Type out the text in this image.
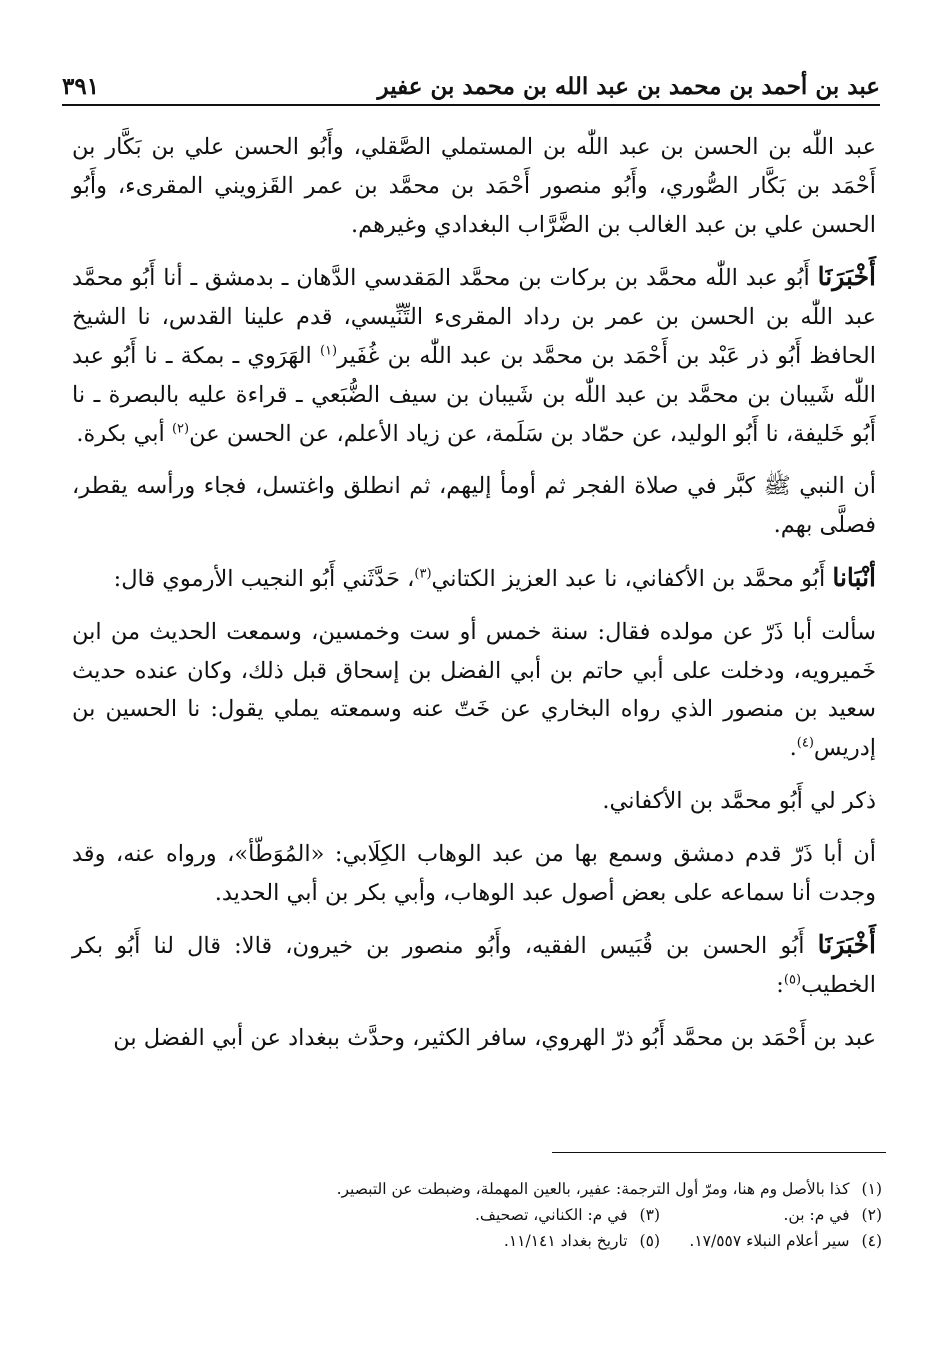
عبد بن أحمد بن محمد بن عبد الله بن محمد بن عفير
٣٩١

عبد اللّٰه بن الحسن بن عبد اللّٰه بن المستملي الصَّقلي، وأَبُو الحسن علي بن بَكَّار بن أَحْمَد بن بَكَّار الصُّوري، وأَبُو منصور أَحْمَد بن محمَّد بن عمر القَزويني المقرىء، وأَبُو الحسن علي بن عبد الغالب بن الضَّرَّاب البغدادي وغيرهم.

أَخْبَرَنَا أَبُو عبد اللّٰه محمَّد بن بركات بن محمَّد المَقدسي الدَّهان ـ بدمشق ـ أنا أَبُو محمَّد عبد اللّٰه بن الحسن بن عمر بن رداد المقرىء التِّنِّيسي، قدم علينا القدس، نا الشيخ الحافظ أَبُو ذر عَبْد بن أَحْمَد بن محمَّد بن عبد اللّٰه بن غُفَير$^{(١)}$ الهَرَوي ـ بمكة ـ نا أَبُو عبد اللّٰه شَيبان بن محمَّد بن عبد اللّٰه بن شَيبان بن سيف الضُّبَعي ـ قراءة عليه بالبصرة ـ نا أَبُو خَليفة، نا أَبُو الوليد، عن حمّاد بن سَلَمة، عن زياد الأعلم، عن الحسن عن$^{(٢)}$ أبي بكرة.

أن النبي ﷺ كبَّر في صلاة الفجر ثم أومأ إليهم، ثم انطلق واغتسل، فجاء ورأسه يقطر، فصلَّى بهم.

أنْبَانا أَبُو محمَّد بن الأكفاني، نا عبد العزيز الكتاني$^{(٣)}$، حَدَّثَني أَبُو النجيب الأرموي قال:

سألت أبا ذَرّ عن مولده فقال: سنة خمس أو ست وخمسين، وسمعت الحديث من ابن خَميرويه، ودخلت على أبي حاتم بن أبي الفضل بن إسحاق قبل ذلك، وكان عنده حديث سعيد بن منصور الذي رواه البخاري عن خَتّ عنه وسمعته يملي يقول: نا الحسين بن إدريس$^{(٤)}$.

ذكر لي أَبُو محمَّد بن الأكفاني.

أن أبا ذَرّ قدم دمشق وسمع بها من عبد الوهاب الكِلَابي: «المُوَطّأ»، ورواه عنه، وقد وجدت أنا سماعه على بعض أصول عبد الوهاب، وأبي بكر بن أبي الحديد.

أَخْبَرَنَا أَبُو الحسن بن قُبَيس الفقيه، وأَبُو منصور بن خيرون، قالا: قال لنا أَبُو بكر الخطيب$^{(٥)}$:

عبد بن أَحْمَد بن محمَّد أَبُو ذرّ الهروي، سافر الكثير، وحدَّث ببغداد عن أبي الفضل بن

(١)
كذا بالأصل وم هنا، ومرّ أول الترجمة: عفير، بالعين المهملة، وضبطت عن التبصير.
(٢)
في م: بن.
(٣)
في م: الكناني، تصحيف.
(٤)
سير أعلام النبلاء ١٧/٥٥٧.
(٥)
تاريخ بغداد ١١/١٤١.
